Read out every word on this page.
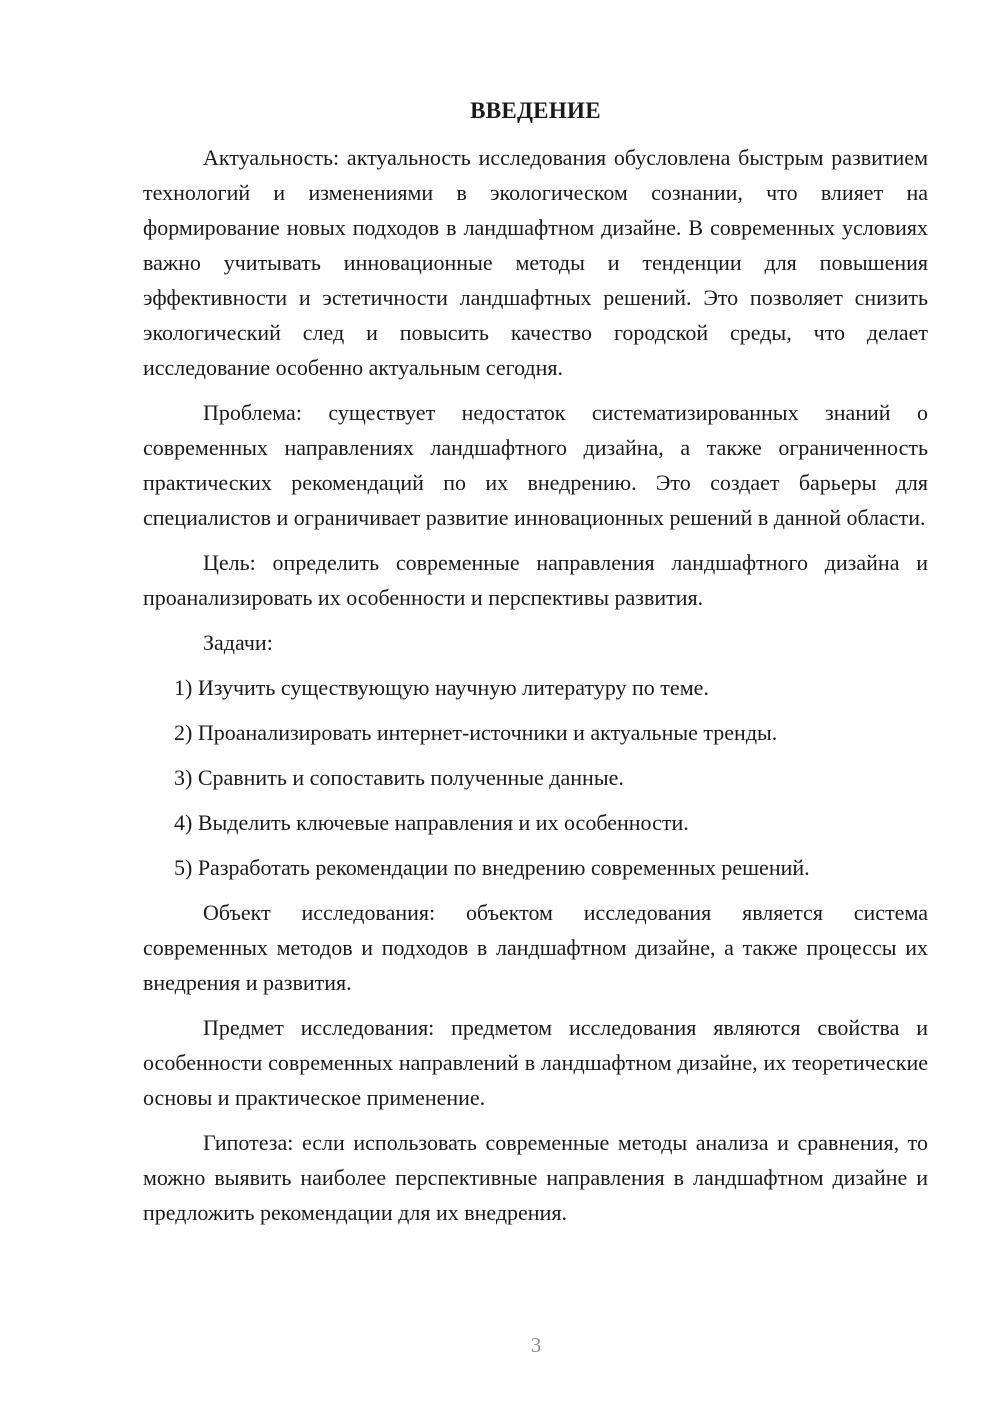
ВВЕДЕНИЕ

Актуальность: актуальность исследования обусловлена быстрым развитием технологий и изменениями в экологическом сознании, что влияет на формирование новых подходов в ландшафтном дизайне. В современных условиях важно учитывать инновационные методы и тенденции для повышения эффективности и эстетичности ландшафтных решений. Это позволяет снизить экологический след и повысить качество городской среды, что делает исследование особенно актуальным сегодня.

Проблема: существует недостаток систематизированных знаний о современных направлениях ландшафтного дизайна, а также ограниченность практических рекомендаций по их внедрению. Это создает барьеры для специалистов и ограничивает развитие инновационных решений в данной области.

Цель: определить современные направления ландшафтного дизайна и проанализировать их особенности и перспективы развития.

Задачи:

1) Изучить существующую научную литературу по теме.
2) Проанализировать интернет-источники и актуальные тренды.
3) Сравнить и сопоставить полученные данные.
4) Выделить ключевые направления и их особенности.
5) Разработать рекомендации по внедрению современных решений.

Объект исследования: объектом исследования является система современных методов и подходов в ландшафтном дизайне, а также процессы их внедрения и развития.

Предмет исследования: предметом исследования являются свойства и особенности современных направлений в ландшафтном дизайне, их теоретические основы и практическое применение.

Гипотеза: если использовать современные методы анализа и сравнения, то можно выявить наиболее перспективные направления в ландшафтном дизайне и предложить рекомендации для их внедрения.

3
